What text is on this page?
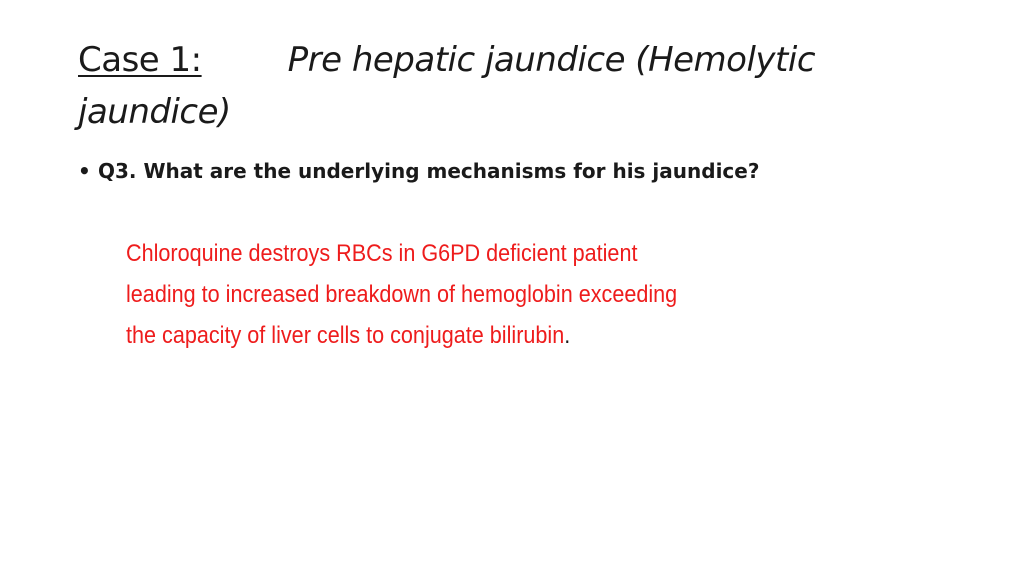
Case 1:	Pre hepatic jaundice (Hemolytic jaundice)
• Q3. What are the underlying mechanisms for his jaundice?
Chloroquine destroys RBCs in G6PD deficient patient
leading to increased breakdown of hemoglobin exceeding
the capacity of liver cells to conjugate bilirubin.
